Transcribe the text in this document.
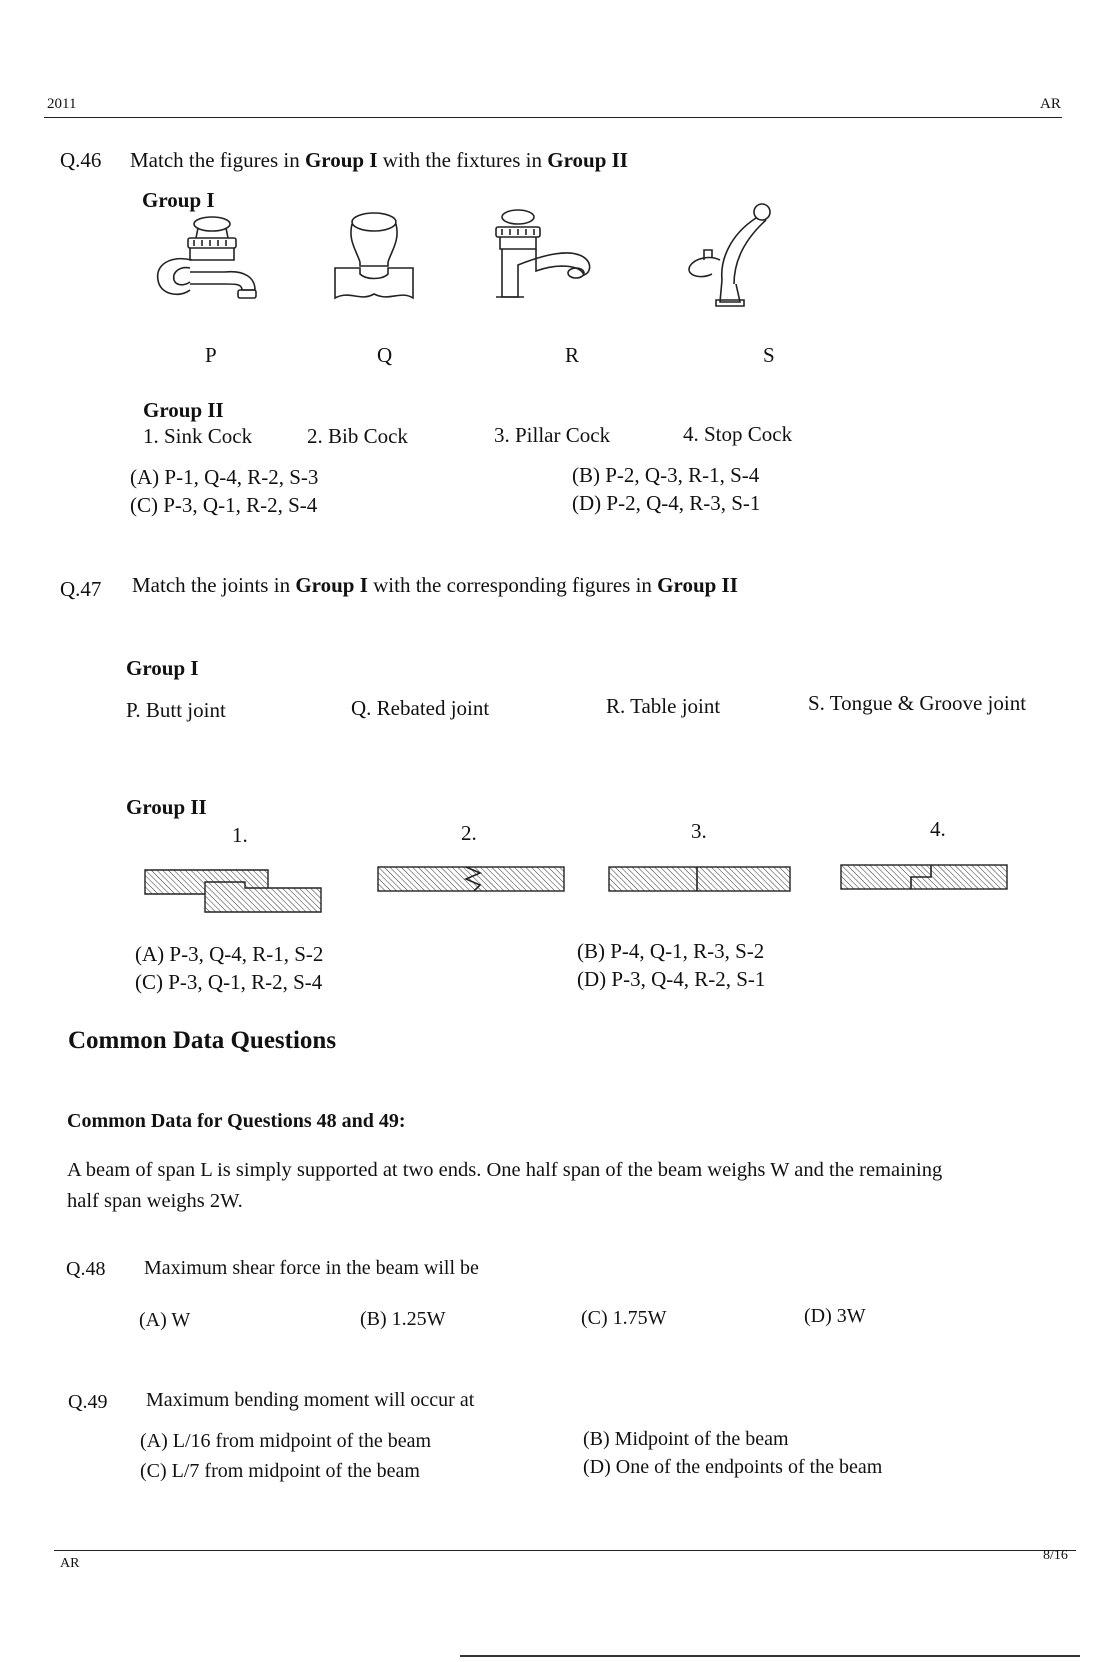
2011	AR
Q.46 Match the figures in Group I with the fixtures in Group II
Group I
P	Q	R	S
Group II
1. Sink Cock	2. Bib Cock	3. Pillar Cock	4. Stop Cock
(A) P-1, Q-4, R-2, S-3	(B) P-2, Q-3, R-1, S-4
(C) P-3, Q-1, R-2, S-4	(D) P-2, Q-4, R-3, S-1
Q.47 Match the joints in Group I with the corresponding figures in Group II
Group I
P. Butt joint	Q. Rebated joint	R. Table joint	S. Tongue & Groove joint
Group II
1.	2.	3.	4.
(A) P-3, Q-4, R-1, S-2	(B) P-4, Q-1, R-3, S-2
(C) P-3, Q-1, R-2, S-4	(D) P-3, Q-4, R-2, S-1
Common Data Questions
Common Data for Questions 48 and 49:
A beam of span L is simply supported at two ends. One half span of the beam weighs W and the remaining
half span weighs 2W.
Q.48 Maximum shear force in the beam will be
(A) W	(B) 1.25W	(C) 1.75W	(D) 3W
Q.49 Maximum bending moment will occur at
(A) L/16 from midpoint of the beam	(B) Midpoint of the beam
(C) L/7 from midpoint of the beam	(D) One of the endpoints of the beam
AR
8/16
